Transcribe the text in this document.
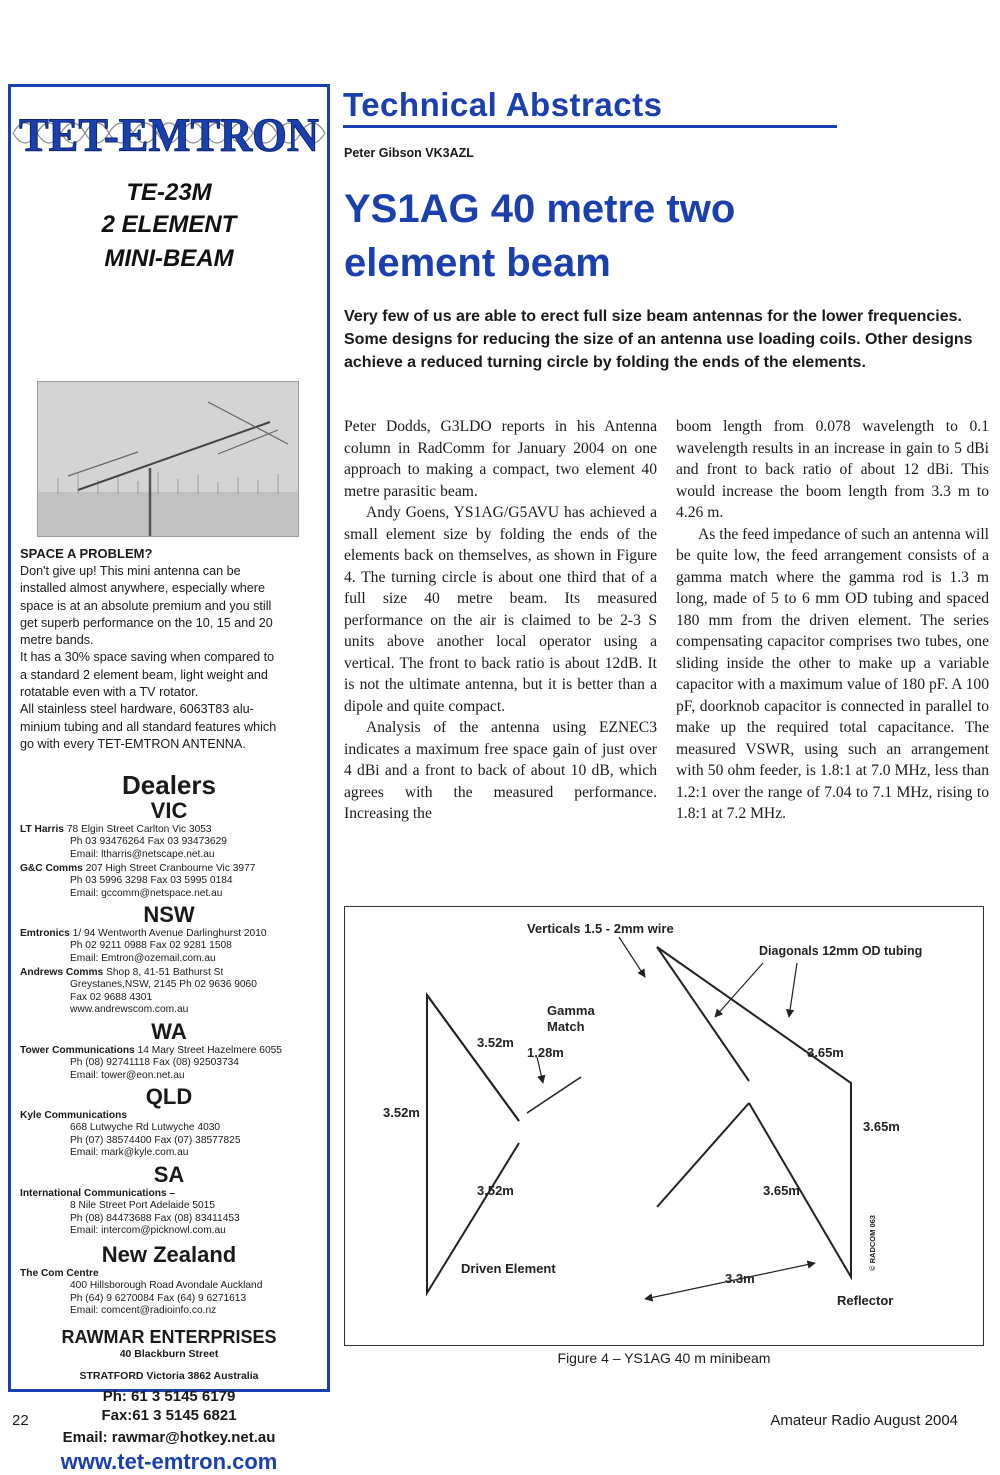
TET-EMTRON
TE-23M
2 ELEMENT
MINI-BEAM
SPACE A PROBLEM?
Don't give up! This mini antenna can be
installed almost anywhere, especially where
space is at an absolute premium and you still
get superb performance on the 10, 15 and 20
metre bands.
It has a 30% space saving when compared to
a standard 2 element beam, light weight and
rotatable even with a TV rotator.
All stainless steel hardware, 6063T83 alu-
minium tubing and all standard features which
go with every TET-EMTRON ANTENNA.
Dealers
VIC
LT Harris 78 Elgin Street Carlton Vic 3053
Ph 03 93476264 Fax 03 93473629
Email: ltharris@netscape.net.au
G&C Comms 207 High Street Cranbourne Vic 3977
Ph 03 5996 3298 Fax 03 5995 0184
Email: gccomm@netspace.net.au
NSW
Emtronics 1/ 94 Wentworth Avenue Darlinghurst 2010
Ph 02 9211 0988 Fax 02 9281 1508
Email: Emtron@ozemail.com.au
Andrews Comms Shop 8, 41-51 Bathurst St
Greystanes,NSW, 2145 Ph 02 9636 9060
Fax 02 9688 4301
www.andrewscom.com.au
WA
Tower Communications 14 Mary Street Hazelmere 6055
Ph (08) 92741118 Fax (08) 92503734
Email: tower@eon.net.au
QLD
Kyle Communications
668 Lutwyche Rd Lutwyche 4030
Ph (07) 38574400 Fax (07) 38577825
Email: mark@kyle.com.au
SA
International Communications –
8 Nile Street Port Adelaide 5015
Ph (08) 84473688 Fax (08) 83411453
Email: intercom@picknowl.com.au
New Zealand
The Com Centre
400 Hillsborough Road Avondale Auckland
Ph (64) 9 6270084 Fax (64) 9 6271613
Email: comcent@radioinfo.co.nz
RAWMAR ENTERPRISES
40 Blackburn Street
STRATFORD Victoria 3862 Australia
Ph: 61 3 5145 6179
Fax:61 3 5145 6821
Email: rawmar@hotkey.net.au
www.tet-emtron.com
Technical Abstracts
Peter Gibson VK3AZL
YS1AG 40 metre two element beam
Very few of us are able to erect full size beam antennas for the lower frequencies. Some designs for reducing the size of an antenna use loading coils. Other designs achieve a reduced turning circle by folding the ends of the elements.

Peter Dodds, G3LDO reports in his Antenna column in RadComm for January 2004 on one approach to making a compact, two element 40 metre parasitic beam.

Andy Goens, YS1AG/G5AVU has achieved a small element size by folding the ends of the elements back on themselves, as shown in Figure 4. The turning circle is about one third that of a full size 40 metre beam. Its measured performance on the air is claimed to be 2-3 S units above another local operator using a vertical. The front to back ratio is about 12dB. It is not the ultimate antenna, but it is better than a dipole and quite compact.

Analysis of the antenna using EZNEC3 indicates a maximum free space gain of just over 4 dBi and a front to back of about 10 dB, which agrees with the measured performance. Increasing the

boom length from 0.078 wavelength to 0.1 wavelength results in an increase in gain to 5 dBi and front to back ratio of about 12 dBi. This would increase the boom length from 3.3 m to 4.26 m.

As the feed impedance of such an antenna will be quite low, the feed arrangement consists of a gamma match where the gamma rod is 1.3 m long, made of 5 to 6 mm OD tubing and spaced 180 mm from the driven element. The series compensating capacitor comprises two tubes, one sliding inside the other to make up a variable capacitor with a maximum value of 180 pF. A 100 pF, doorknob capacitor is connected in parallel to make up the required total capacitance. The measured VSWR, using such an arrangement with 50 ohm feeder, is 1.8:1 at 7.0 MHz, less than 1.2:1 over the range of 7.04 to 7.1 MHz, rising to 1.8:1 at 7.2 MHz.

Verticals 1.5 - 2mm wire
Diagonals 12mm OD tubing
Gamma
Match
1.28m
3.52m
3.52m
3.52m
3.65m
3.65m
3.65m
3.3m
Driven Element
Reflector
© RADCOM 063
Figure 4 – YS1AG 40 m minibeam
22	Amateur Radio August 2004
